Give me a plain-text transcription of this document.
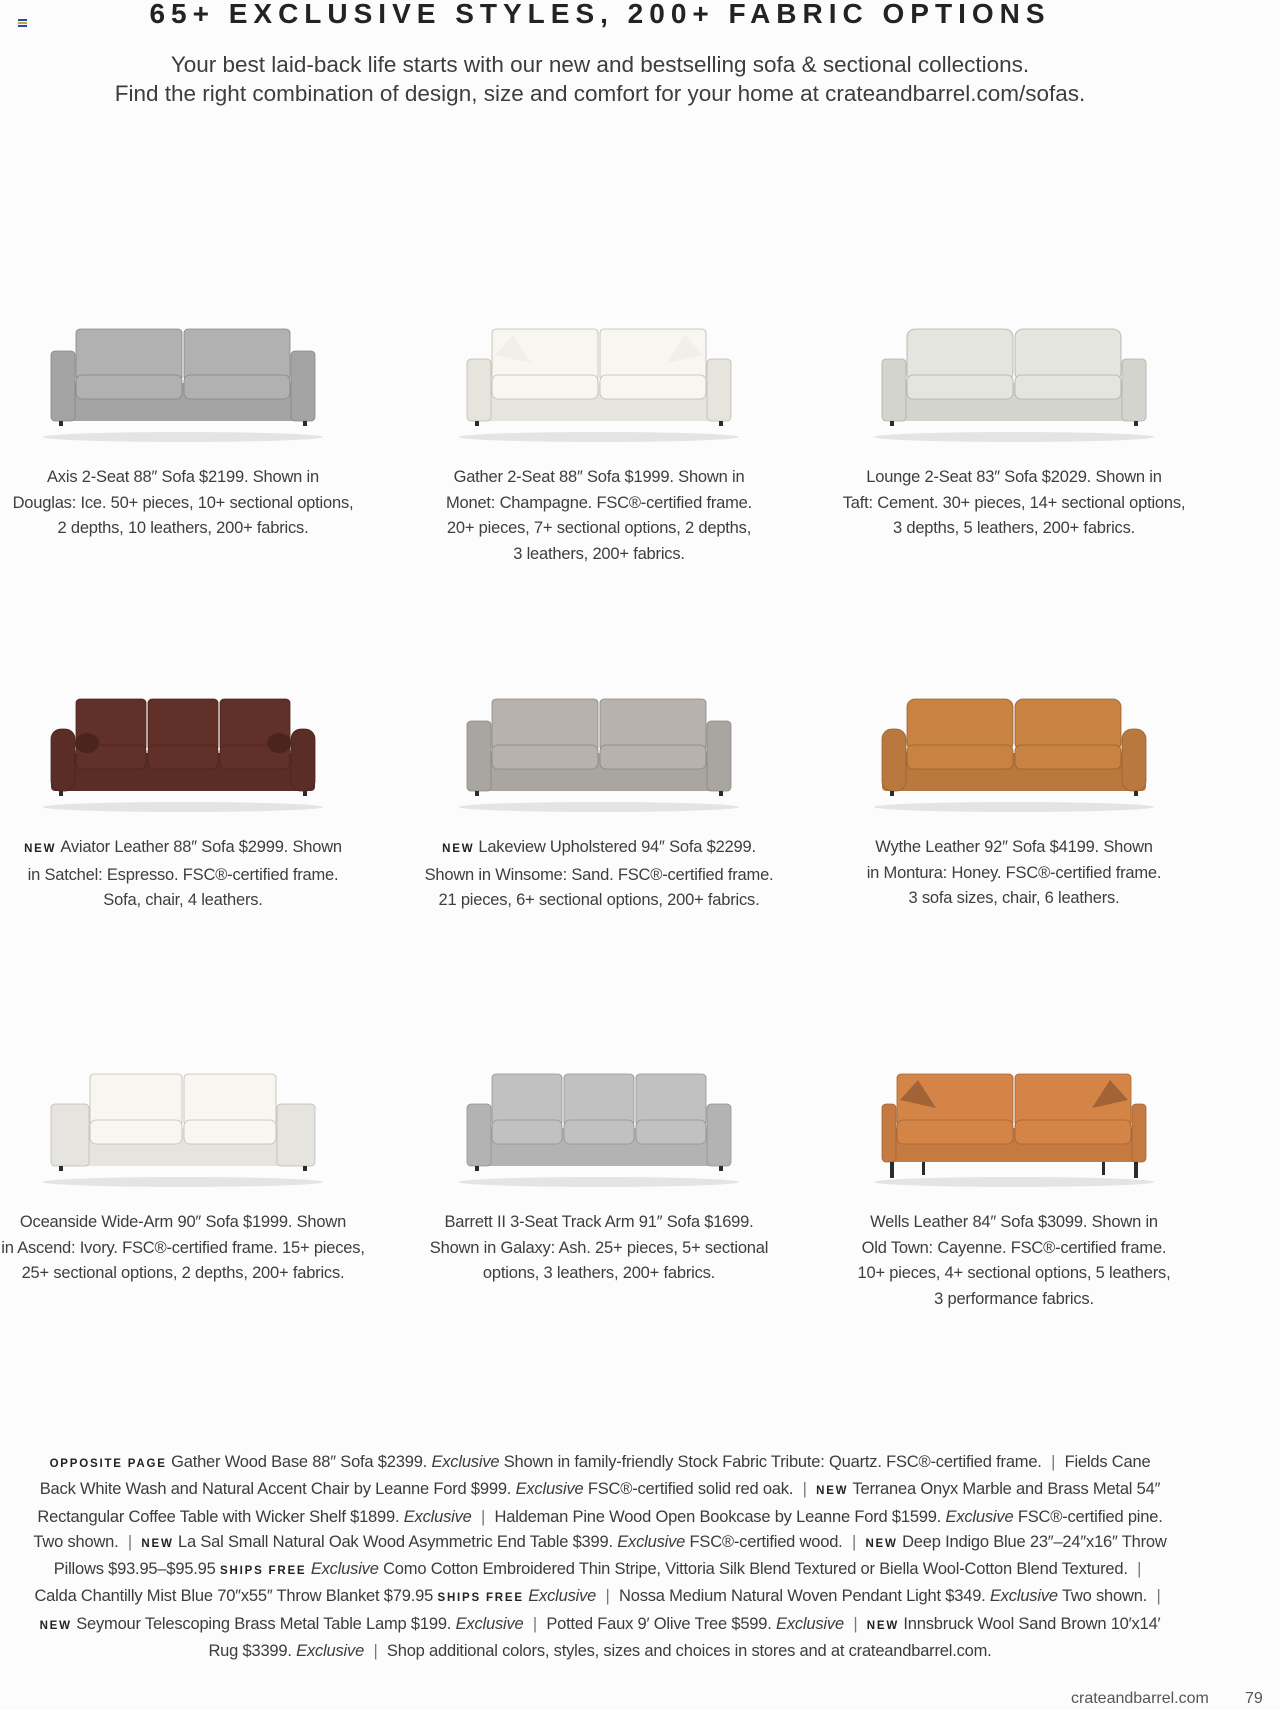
65+ EXCLUSIVE STYLES, 200+ FABRIC OPTIONS
Your best laid-back life starts with our new and bestselling sofa & sectional collections.
Find the right combination of design, size and comfort for your home at crateandbarrel.com/sofas.
Axis 2-Seat 88″ Sofa $2199. Shown in
Douglas: Ice. 50+ pieces, 10+ sectional options,
2 depths, 10 leathers, 200+ fabrics.
Gather 2-Seat 88″ Sofa $1999. Shown in
Monet: Champagne. FSC®-certified frame.
20+ pieces, 7+ sectional options, 2 depths,
3 leathers, 200+ fabrics.
Lounge 2-Seat 83″ Sofa $2029. Shown in
Taft: Cement. 30+ pieces, 14+ sectional options,
3 depths, 5 leathers, 200+ fabrics.
NEW Aviator Leather 88″ Sofa $2999. Shown
in Satchel: Espresso. FSC®-certified frame.
Sofa, chair, 4 leathers.
NEW Lakeview Upholstered 94″ Sofa $2299.
Shown in Winsome: Sand. FSC®-certified frame.
21 pieces, 6+ sectional options, 200+ fabrics.
Wythe Leather 92″ Sofa $4199. Shown
in Montura: Honey. FSC®-certified frame.
3 sofa sizes, chair, 6 leathers.
Oceanside Wide-Arm 90″ Sofa $1999. Shown
in Ascend: Ivory. FSC®-certified frame. 15+ pieces,
25+ sectional options, 2 depths, 200+ fabrics.
Barrett II 3-Seat Track Arm 91″ Sofa $1699.
Shown in Galaxy: Ash. 25+ pieces, 5+ sectional
options, 3 leathers, 200+ fabrics.
Wells Leather 84″ Sofa $3099. Shown in
Old Town: Cayenne. FSC®-certified frame.
10+ pieces, 4+ sectional options, 5 leathers,
3 performance fabrics.
OPPOSITE PAGE Gather Wood Base 88″ Sofa $2399. Exclusive Shown in family-friendly Stock Fabric Tribute: Quartz. FSC®-certified frame. | Fields Cane
Back White Wash and Natural Accent Chair by Leanne Ford $999. Exclusive FSC®-certified solid red oak. | NEW Terranea Onyx Marble and Brass Metal 54″
Rectangular Coffee Table with Wicker Shelf $1899. Exclusive | Haldeman Pine Wood Open Bookcase by Leanne Ford $1599. Exclusive FSC®-certified pine.
Two shown. | NEW La Sal Small Natural Oak Wood Asymmetric End Table $399. Exclusive FSC®-certified wood. | NEW Deep Indigo Blue 23″–24″x16″ Throw
Pillows $93.95–$95.95 SHIPS FREE Exclusive Como Cotton Embroidered Thin Stripe, Vittoria Silk Blend Textured or Biella Wool-Cotton Blend Textured. |
Calda Chantilly Mist Blue 70″x55″ Throw Blanket $79.95 SHIPS FREE Exclusive | Nossa Medium Natural Woven Pendant Light $349. Exclusive Two shown. |
NEW Seymour Telescoping Brass Metal Table Lamp $199. Exclusive | Potted Faux 9′ Olive Tree $599. Exclusive | NEW Innsbruck Wool Sand Brown 10′x14′
Rug $3399. Exclusive | Shop additional colors, styles, sizes and choices in stores and at crateandbarrel.com.
crateandbarrel.com 79
